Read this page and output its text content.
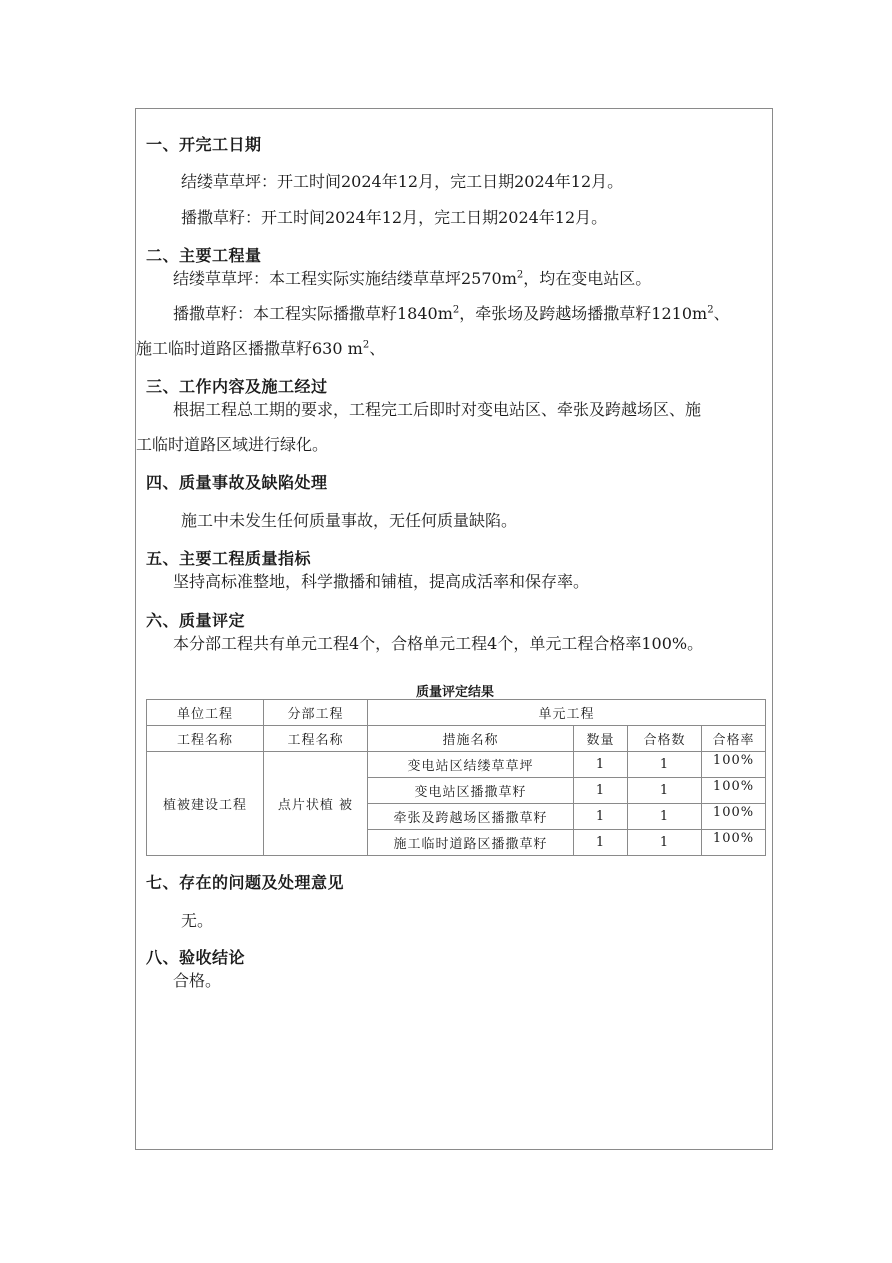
一、开完工日期
结缕草草坪：开工时间2024年12月，完工日期2024年12月。
播撒草籽：开工时间2024年12月，完工日期2024年12月。
二、主要工程量
结缕草草坪：本工程实际实施结缕草草坪$2570m^2$，均在变电站区。
播撒草籽：本工程实际播撒草籽$1840m^2$，牵张场及跨越场播撒草籽$1210m^2$、
施工临时道路区播撒草籽630 $m^2$、
三、工作内容及施工经过
根据工程总工期的要求，工程完工后即时对变电站区、牵张及跨越场区、施
工临时道路区域进行绿化。
四、质量事故及缺陷处理
施工中未发生任何质量事故，无任何质量缺陷。
五、主要工程质量指标
坚持高标准整地，科学撒播和铺植，提高成活率和保存率。
六、质量评定
本分部工程共有单元工程4个，合格单元工程4个，单元工程合格率100%。
质量评定结果
单位工程	分部工程	单元工程			
工程名称	工程名称	措施名称	数量	合格数	合格率
植被建设工程	点片状植 被	变电站区结缕草草坪	1	1	100%
		变电站区播撒草籽	1	1	100%
		牵张及跨越场区播撒草籽	1	1	100%
		施工临时道路区播撒草籽	1	1	100%
七、存在的问题及处理意见
无。
八、验收结论
合格。
